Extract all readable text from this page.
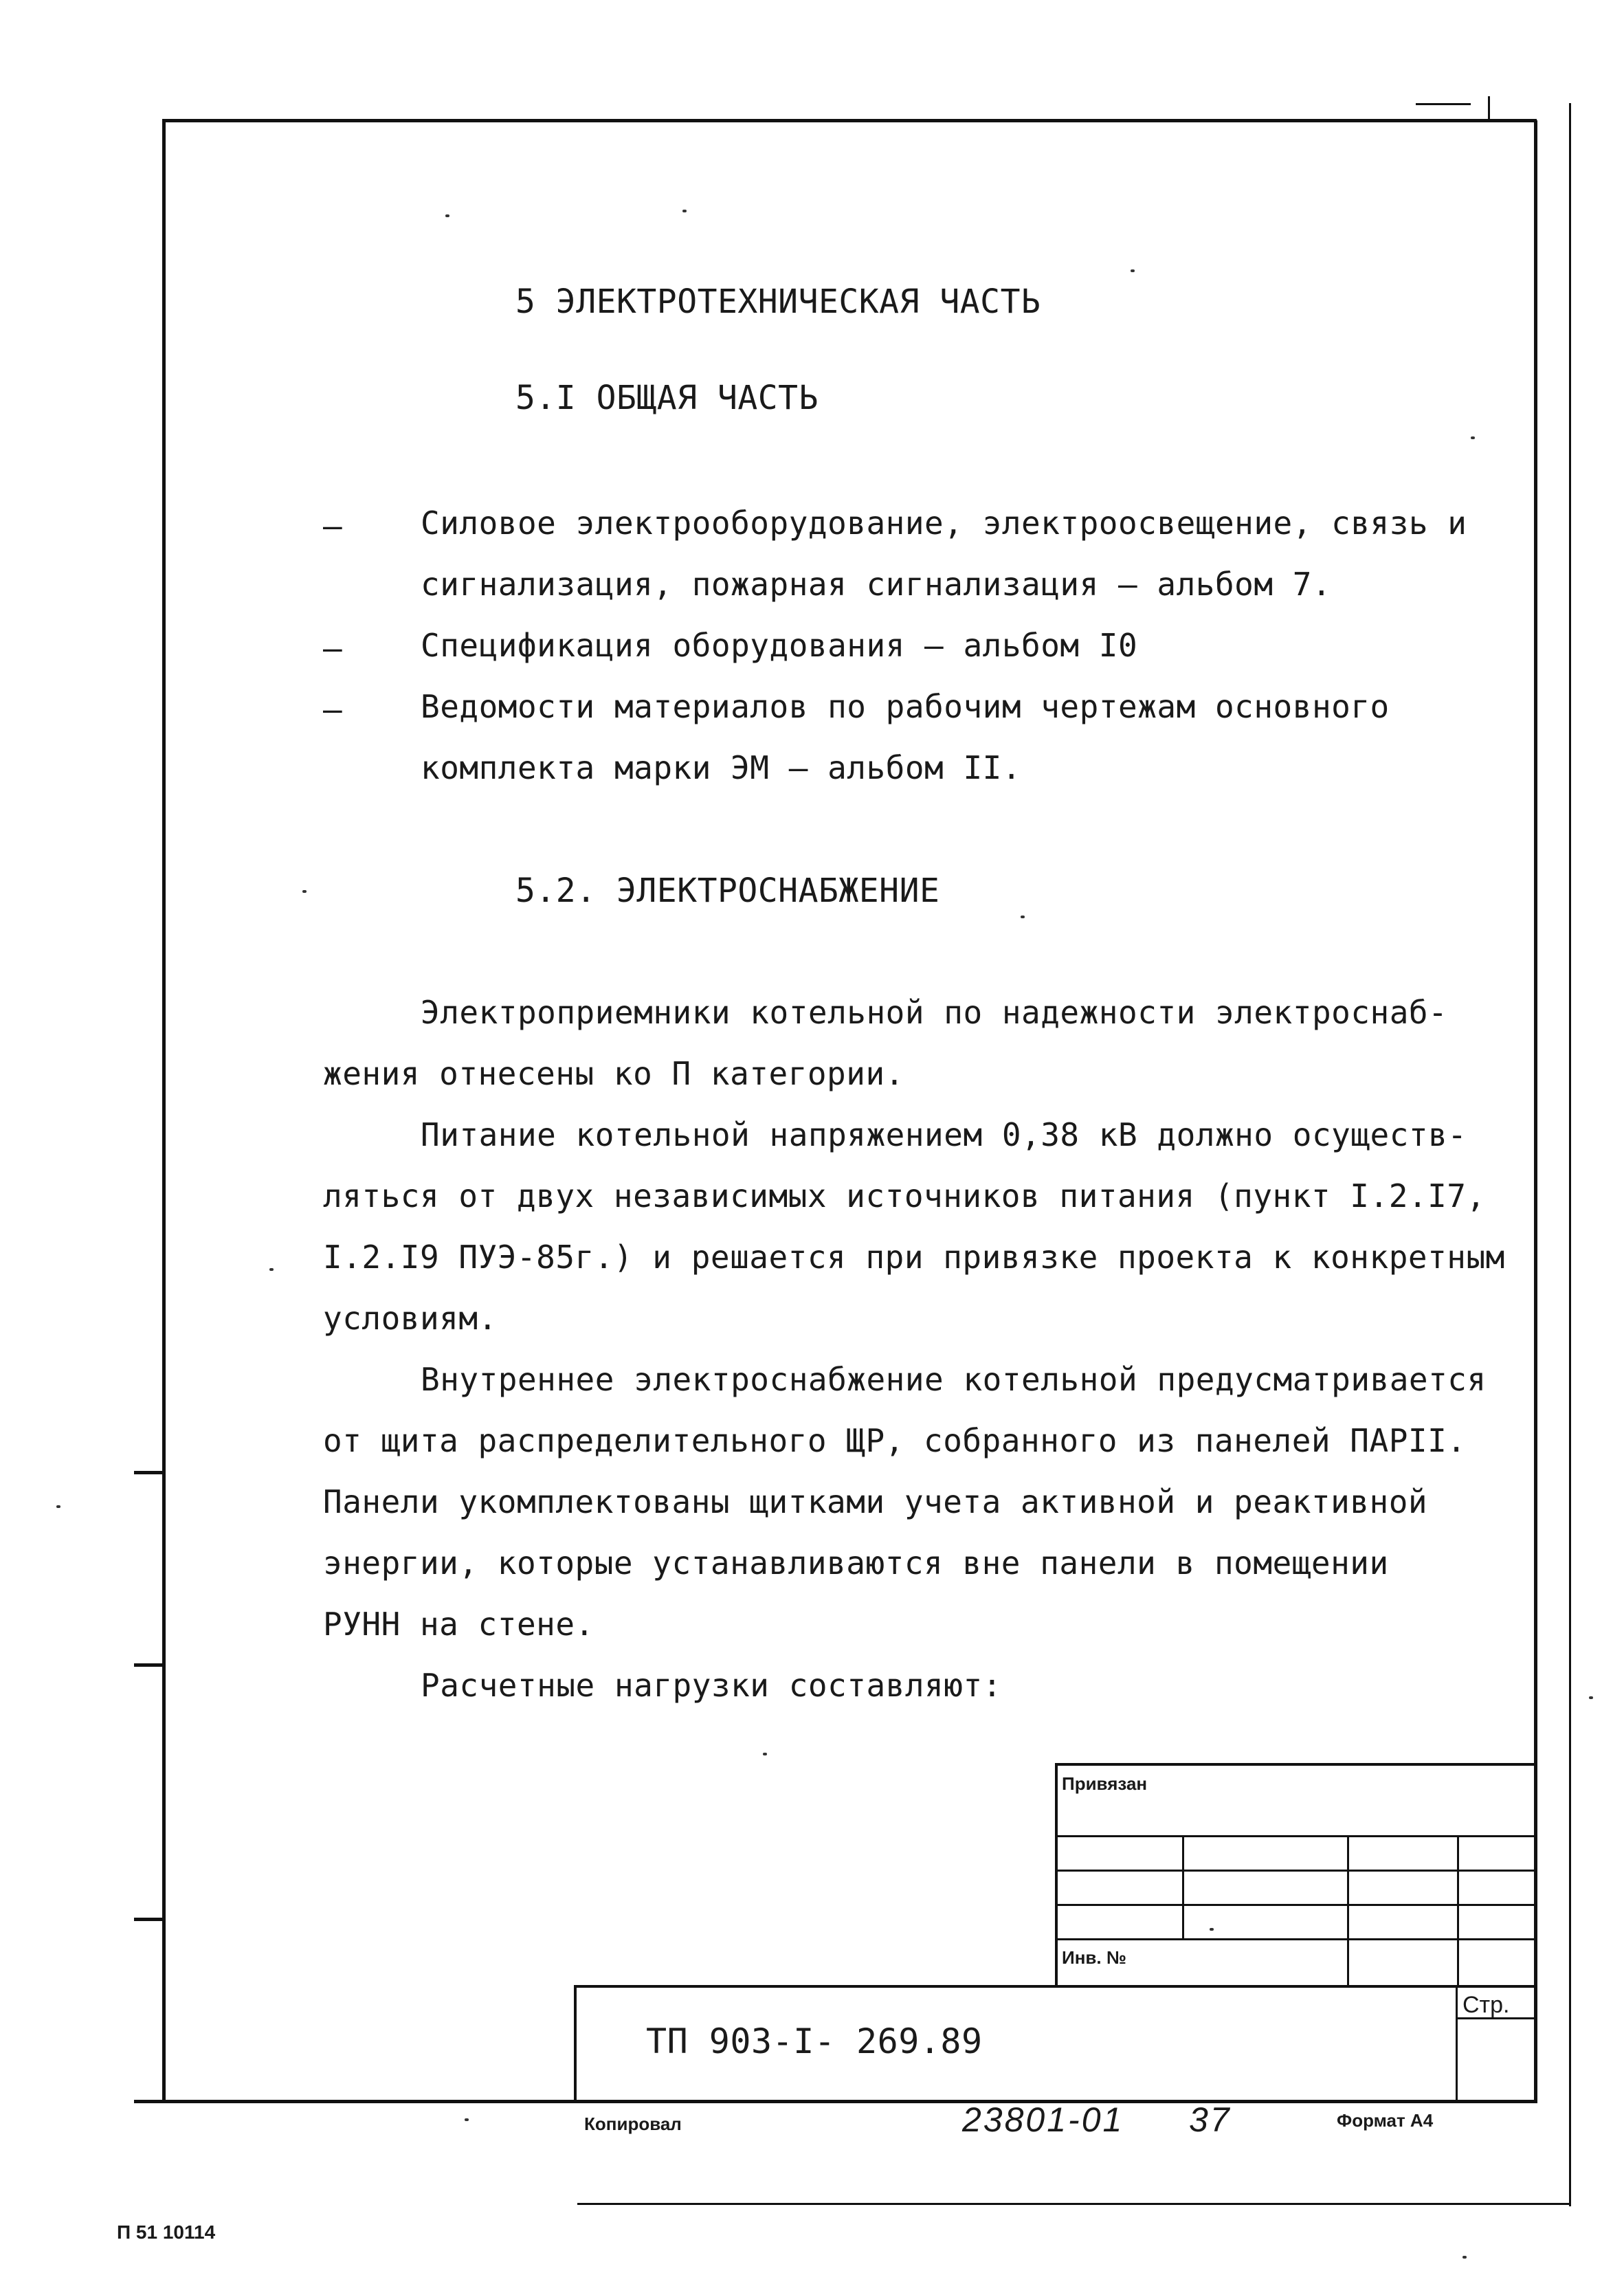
5 ЭЛЕКТРОТЕХНИЧЕСКАЯ ЧАСТЬ
5.I ОБЩАЯ ЧАСТЬ
– Силовое электрооборудование, электроосвещение, связь и
сигнализация, пожарная сигнализация – альбом 7.
– Спецификация оборудования – альбом I0
– Ведомости материалов по рабочим чертежам основного
комплекта марки ЭМ – альбом II.
5.2. ЭЛЕКТРОСНАБЖЕНИЕ
Электроприемники котельной по надежности электроснаб-
жения отнесены ко П категории.
Питание котельной напряжением 0,38 кВ должно осуществ-
ляться от двух независимых источников питания (пункт I.2.I7,
I.2.I9 ПУЭ-85г.) и решается при привязке проекта к конкретным
условиям.
Внутреннее электроснабжение котельной предусматривается
от щита распределительного ЩР, собранного из панелей ПАРII.
Панели укомплектованы щитками учета активной и реактивной
энергии, которые устанавливаются вне панели в помещении
РУНН на стене.
Расчетные нагрузки составляют:
Привязан
Инв. №
Стр.
ТП 903-I- 269.89
Копировал	23801-01 37	Формат А4
П 51 10114
